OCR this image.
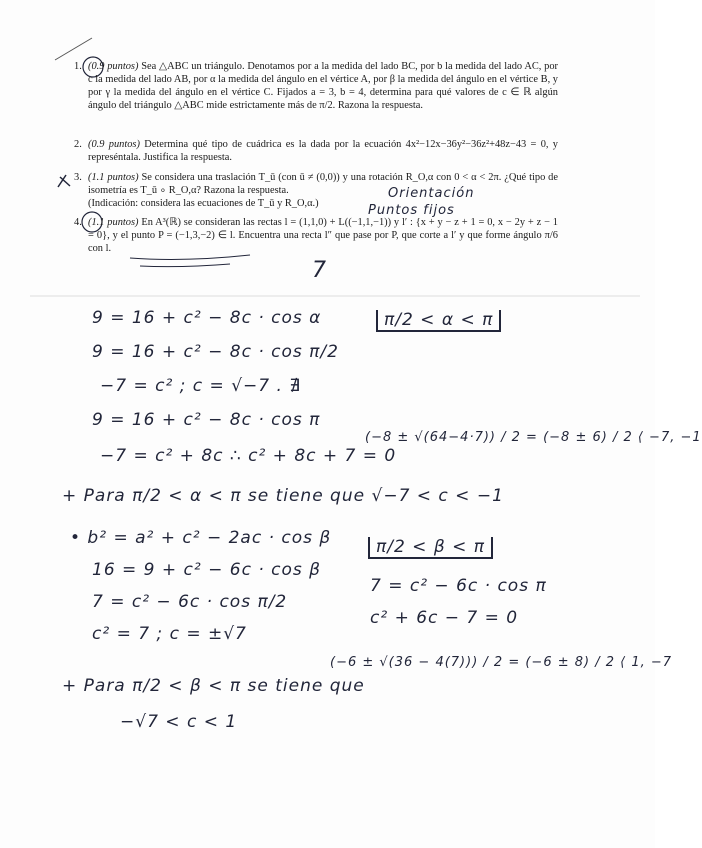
1. (0.9 puntos) Sea △ABC un triángulo. Denotamos por a la medida del lado BC, por b la medida del lado AC, por c la medida del lado AB, por α la medida del ángulo en el vértice A, por β la medida del ángulo en el vértice B, y por γ la medida del ángulo en el vértice C. Fijados a = 3, b = 4, determina para qué valores de c ∈ ℝ algún ángulo del triángulo △ABC mide estrictamente más de π/2. Razona la respuesta.
2. (0.9 puntos) Determina qué tipo de cuádrica es la dada por la ecuación 4x²−12x−36y²−36z²+48z−43 = 0, y represéntala. Justifica la respuesta.
3. (1.1 puntos) Se considera una traslación T_ū (con ū ≠ (0,0)) y una rotación R_O,α con 0 < α < 2π. ¿Qué tipo de isometría es T_ū ∘ R_O,α? Razona la respuesta.
(Indicación: considera las ecuaciones de T_ū y R_O,α.)
4. (1.1 puntos) En A³(ℝ) se consideran las rectas l = (1,1,0) + L((−1,1,−1)) y l′ : {x + y − z + 1 = 0, x − 2y + z − 1 = 0}, y el punto P = (−1,3,−2) ∈ l. Encuentra una recta l″ que pase por P, que corte a l′ y que forme ángulo π/6 con l.
Orientación
Puntos fijos
7
9 = 16 + c² − 8c · cos α	π/2 < α < π
9 = 16 + c² − 8c · cos π/2
−7 = c² ; c = √−7 . ∄
9 = 16 + c² − 8c · cos π
−7 = c² + 8c ∴ c² + 8c + 7 = 0
(−8 ± √(64−4·7)) / 2 = (−8 ± 6) / 2 ⟨ −7, −1
+ Para π/2 < α < π se tiene que √−7 < c < −1
• b² = a² + c² − 2ac · cos β	π/2 < β < π
16 = 9 + c² − 6c · cos β
7 = c² − 6c · cos π/2
7 = c² − 6c · cos π
c² + 6c − 7 = 0
c² = 7 ; c = ±√7
(−6 ± √(36 − 4(7))) / 2 = (−6 ± 8) / 2 ⟨ 1, −7
+ Para π/2 < β < π se tiene que
−√7 < c < 1
